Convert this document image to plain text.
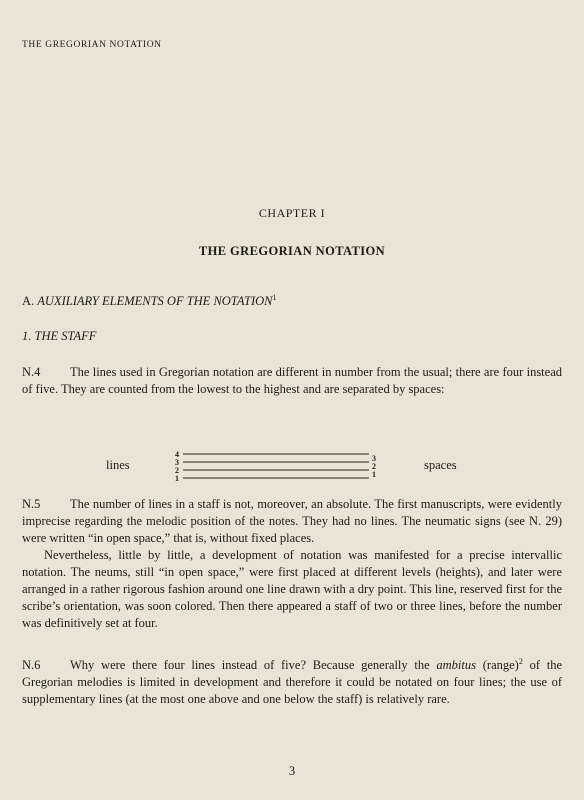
THE GREGORIAN NOTATION
CHAPTER I
THE GREGORIAN NOTATION
A. AUXILIARY ELEMENTS OF THE NOTATION$^1$
1. THE STAFF
N.4 The lines used in Gregorian notation are different in number from the usual; there are four instead of five. They are counted from the lowest to the highest and are separated by spaces:
lines
4
3
2
1
3
2
1
spaces
N.5 The number of lines in a staff is not, moreover, an absolute. The first manuscripts, were evidently imprecise regarding the melodic position of the notes. They had no lines. The neumatic signs (see N. 29) were written “in open space,” that is, without fixed places.
Nevertheless, little by little, a development of notation was manifested for a precise intervallic notation. The neums, still “in open space,” were first placed at different levels (heights), and later were arranged in a rather rigorous fashion around one line drawn with a dry point. This line, reserved first for the scribe’s orientation, was soon colored. Then there appeared a staff of two or three lines, before the number was definitively set at four.
N.6 Why were there four lines instead of five? Because generally the ambitus (range)$^2$ of the Gregorian melodies is limited in development and therefore it could be notated on four lines; the use of supplementary lines (at the most one above and one below the staff) is relatively rare.
3
